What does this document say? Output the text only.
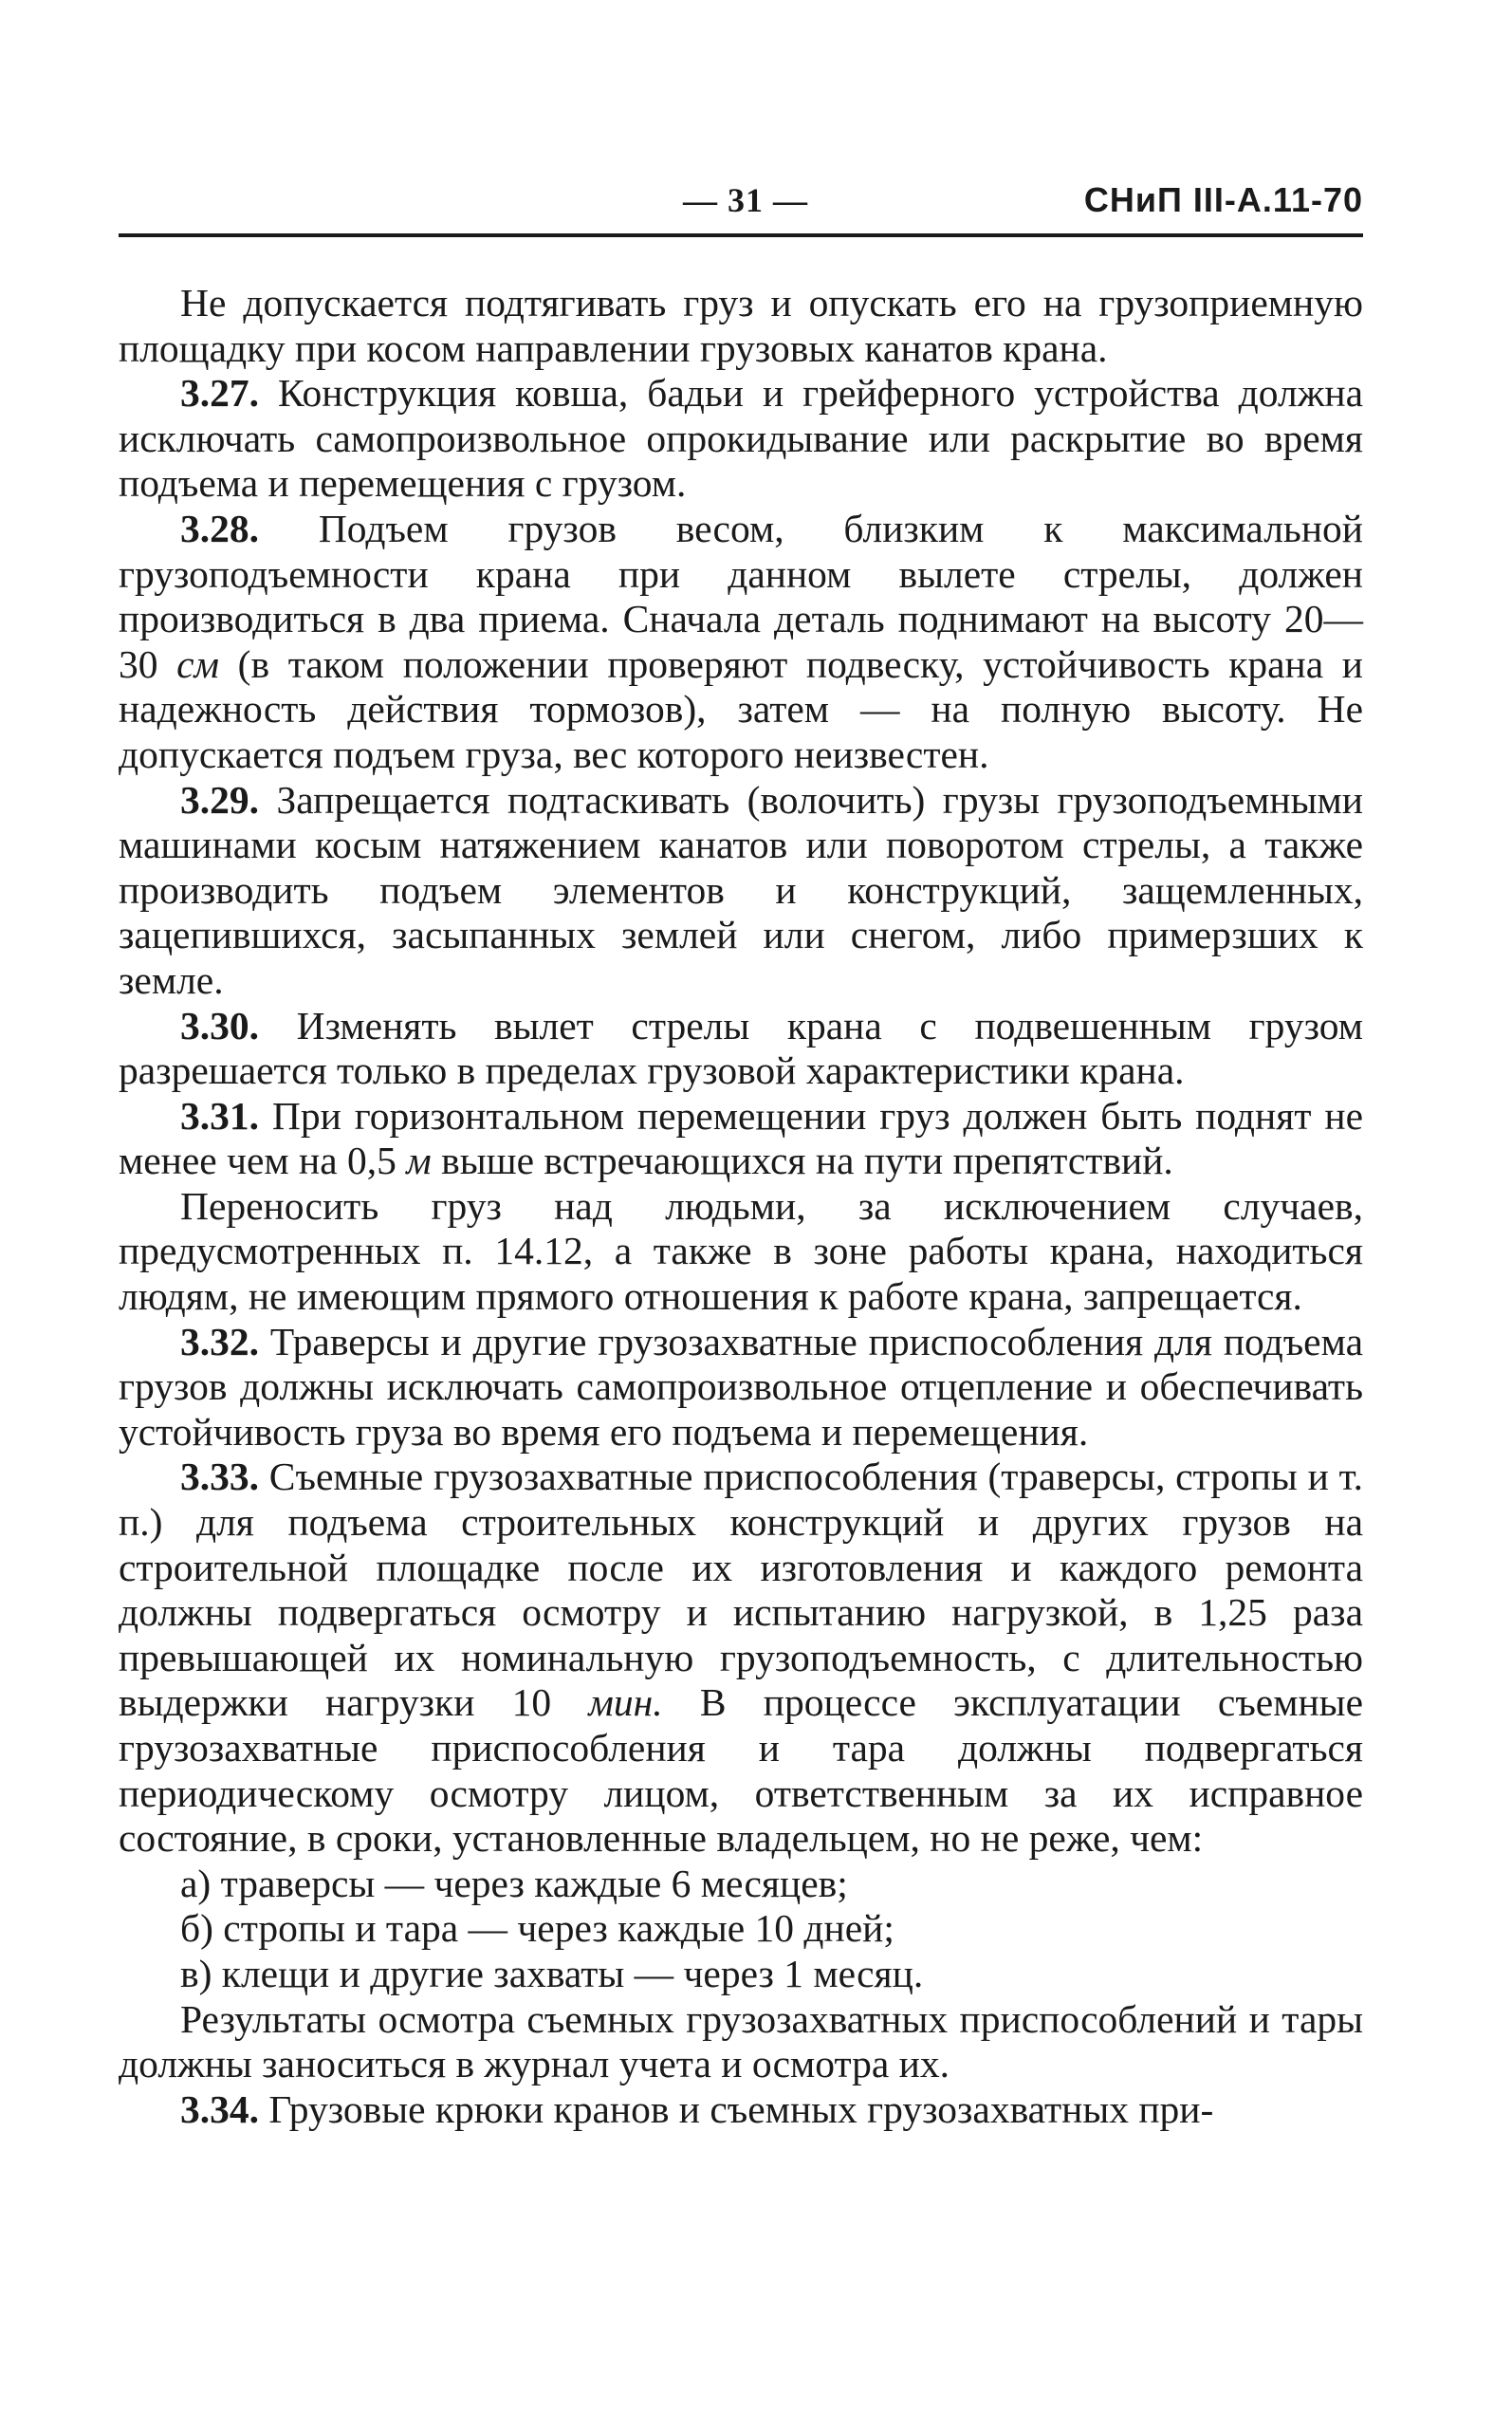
— 31 —	СНиП III-А.11-70

Не допускается подтягивать груз и опускать его на грузоприемную площадку при косом направлении грузовых канатов крана.

3.27. Конструкция ковша, бадьи и грейферного устройства должна исключать самопроизвольное опрокидывание или раскрытие во время подъема и перемещения с грузом.

3.28. Подъем грузов весом, близким к максимальной грузоподъемности крана при данном вылете стрелы, должен производиться в два приема. Сначала деталь поднимают на высоту 20—30 см (в таком положении проверяют подвеску, устойчивость крана и надежность действия тормозов), затем — на полную высоту. Не допускается подъем груза, вес которого неизвестен.

3.29. Запрещается подтаскивать (волочить) грузы грузоподъемными машинами косым натяжением канатов или поворотом стрелы, а также производить подъем элементов и конструкций, защемленных, зацепившихся, засыпанных землей или снегом, либо примерзших к земле.

3.30. Изменять вылет стрелы крана с подвешенным грузом разрешается только в пределах грузовой характеристики крана.

3.31. При горизонтальном перемещении груз должен быть поднят не менее чем на 0,5 м выше встречающихся на пути препятствий.

Переносить груз над людьми, за исключением случаев, предусмотренных п. 14.12, а также в зоне работы крана, находиться людям, не имеющим прямого отношения к работе крана, запрещается.

3.32. Траверсы и другие грузозахватные приспособления для подъема грузов должны исключать самопроизвольное отцепление и обеспечивать устойчивость груза во время его подъема и перемещения.

3.33. Съемные грузозахватные приспособления (траверсы, стропы и т. п.) для подъема строительных конструкций и других грузов на строительной площадке после их изготовления и каждого ремонта должны подвергаться осмотру и испытанию нагрузкой, в 1,25 раза превышающей их номинальную грузоподъемность, с длительностью выдержки нагрузки 10 мин. В процессе эксплуатации съемные грузозахватные приспособления и тара должны подвергаться периодическому осмотру лицом, ответственным за их исправное состояние, в сроки, установленные владельцем, но не реже, чем:

а) траверсы — через каждые 6 месяцев;

б) стропы и тара — через каждые 10 дней;

в) клещи и другие захваты — через 1 месяц.

Результаты осмотра съемных грузозахватных приспособлений и тары должны заноситься в журнал учета и осмотра их.

3.34. Грузовые крюки кранов и съемных грузозахватных при-
